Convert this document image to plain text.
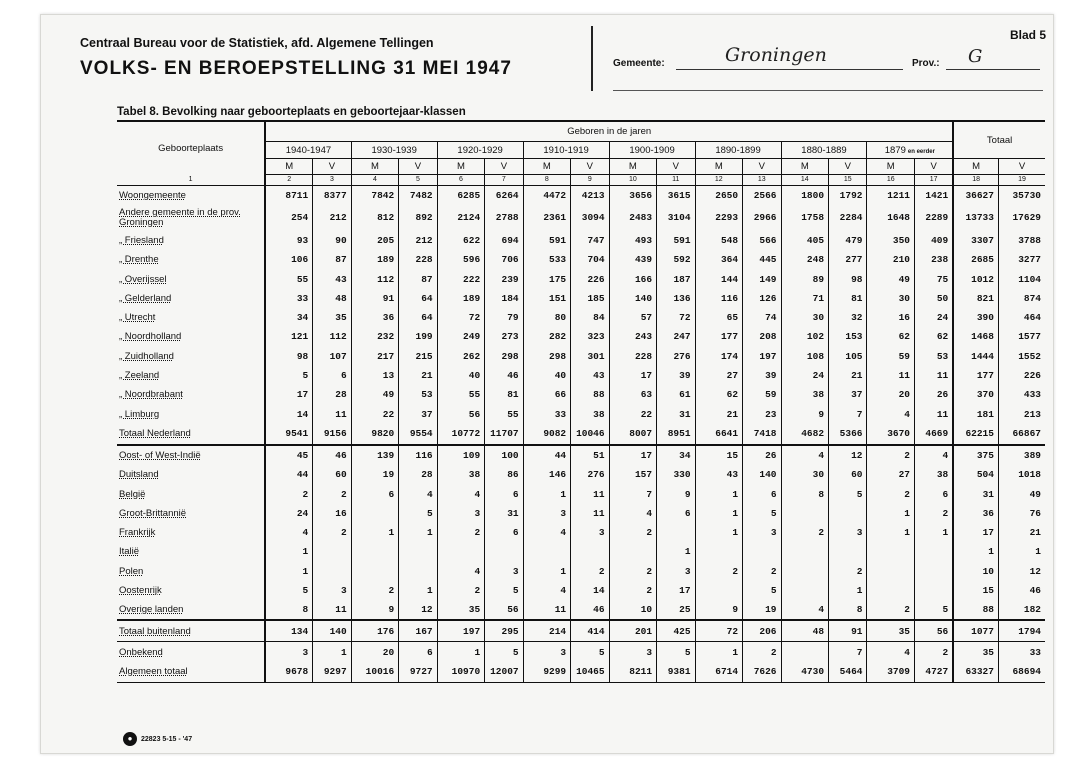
Centraal Bureau voor de Statistiek, afd. Algemene Tellingen
VOLKS- EN BEROEPSTELLING 31 MEI 1947
Blad 5
Gemeente:	Groningen	Prov.: G
Tabel 8. Bevolking naar geboorteplaats en geboortejaar-klassen
Geboorteplaats	Geboren in de jaren																Totaal	
	1940-1947		1930-1939		1920-1929		1910-1919		1900-1909		1890-1899		1880-1889		1879 en eerder			
	M	V	M	V	M	V	M	V	M	V	M	V	M	V	M	V	M	V
1	2	3	4	5	6	7	8	9	10	11	12	13	14	15	16	17	18	19
Woongemeente	8711	8377	7842	7482	6285	6264	4472	4213	3656	3615	2650	2566	1800	1792	1211	1421	36627	35730
Andere gemeente in de prov. Groningen	254	212	812	892	2124	2788	2361	3094	2483	3104	2293	2966	1758	2284	1648	2289	13733	17629
„ Friesland	93	90	205	212	622	694	591	747	493	591	548	566	405	479	350	409	3307	3788
„ Drenthe	106	87	189	228	596	706	533	704	439	592	364	445	248	277	210	238	2685	3277
„ Overijssel	55	43	112	87	222	239	175	226	166	187	144	149	89	98	49	75	1012	1104
„ Gelderland	33	48	91	64	189	184	151	185	140	136	116	126	71	81	30	50	821	874
„ Utrecht	34	35	36	64	72	79	80	84	57	72	65	74	30	32	16	24	390	464
„ Noordholland	121	112	232	199	249	273	282	323	243	247	177	208	102	153	62	62	1468	1577
„ Zuidholland	98	107	217	215	262	298	298	301	228	276	174	197	108	105	59	53	1444	1552
„ Zeeland	5	6	13	21	40	46	40	43	17	39	27	39	24	21	11	11	177	226
„ Noordbrabant	17	28	49	53	55	81	66	88	63	61	62	59	38	37	20	26	370	433
„ Limburg	14	11	22	37	56	55	33	38	22	31	21	23	9	7	4	11	181	213
Totaal Nederland	9541	9156	9820	9554	10772	11707	9082	10046	8007	8951	6641	7418	4682	5366	3670	4669	62215	66867
Oost- of West-Indië	45	46	139	116	109	100	44	51	17	34	15	26	4	12	2	4	375	389
Duitsland	44	60	19	28	38	86	146	276	157	330	43	140	30	60	27	38	504	1018
België	2	2	6	4	4	6	1	11	7	9	1	6	8	5	2	6	31	49
Groot-Brittannië	24	16		5	3	31	3	11	4	6	1	5			1	2	36	76
Frankrijk	4	2	1	1	2	6	4	3	2		1	3	2	3	1	1	17	21
Italië	1									1							1	1
Polen	1				4	3	1	2	2	3	2	2		2			10	12
Oostenrijk	5	3	2	1	2	5	4	14	2	17		5		1			15	46
Overige landen	8	11	9	12	35	56	11	46	10	25	9	19	4	8	2	5	88	182
Totaal buitenland	134	140	176	167	197	295	214	414	201	425	72	206	48	91	35	56	1077	1794
Onbekend	3	1	20	6	1	5	3	5	3	5	1	2		7	4	2	35	33
Algemeen totaal	9678	9297	10016	9727	10970	12007	9299	10465	8211	9381	6714	7626	4730	5464	3709	4727	63327	68694
●	22823 5-15 - '47
